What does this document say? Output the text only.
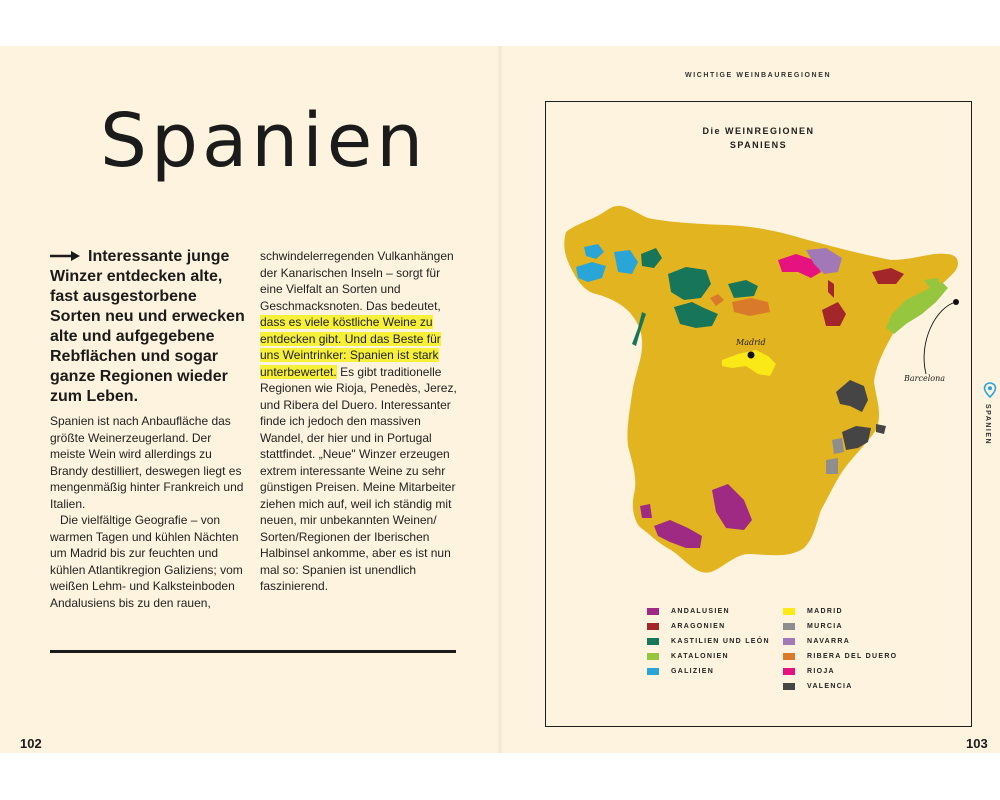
Spanien
Interessante junge Winzer entdecken alte, fast ausgestorbene Sorten neu und erwecken alte und aufgegebene Rebflächen und sogar ganze Regionen wieder zum Leben.

Spanien ist nach Anbaufläche das größte Weinerzeugerland. Der meiste Wein wird allerdings zu Brandy destilliert, deswegen liegt es mengenmäßig hinter Frankreich und Italien.

Die vielfältige Geografie – von warmen Tagen und kühlen Nächten um Madrid bis zur feuchten und kühlen Atlantikregion Galiziens; vom weißen Lehm- und Kalksteinboden Andalusiens bis zu den rauen,

schwindelerregenden Vulkanhängen der Kanarischen Inseln – sorgt für eine Vielfalt an Sorten und Geschmacksnoten. Das bedeutet, dass es viele köstliche Weine zu entdecken gibt. Und das Beste für uns Weintrinker: Spanien ist stark unterbewertet. Es gibt traditionelle Regionen wie Rioja, Penedès, Jerez, und Ribera del Duero. Interessanter finde ich jedoch den massiven Wandel, der hier und in Portugal stattfindet. „Neue" Winzer erzeugen extrem interessante Weine zu sehr günstigen Preisen. Meine Mitarbeiter ziehen mich auf, weil ich ständig mit neuen, mir unbekannten Weinen/ Sorten/Regionen der Iberischen Halbinsel ankomme, aber es ist nun mal so: Spanien ist unendlich faszinierend.

102
WICHTIGE WEINBAUREGIONEN
Die WEINREGIONEN
SPANIENS
Madrid
Barcelona
ANDALUSIEN
ARAGONIEN
KASTILIEN UND LEÓN
KATALONIEN
GALIZIEN
MADRID
MURCIA
NAVARRA
RIBERA DEL DUERO
RIOJA
VALENCIA
SPANIEN
103
